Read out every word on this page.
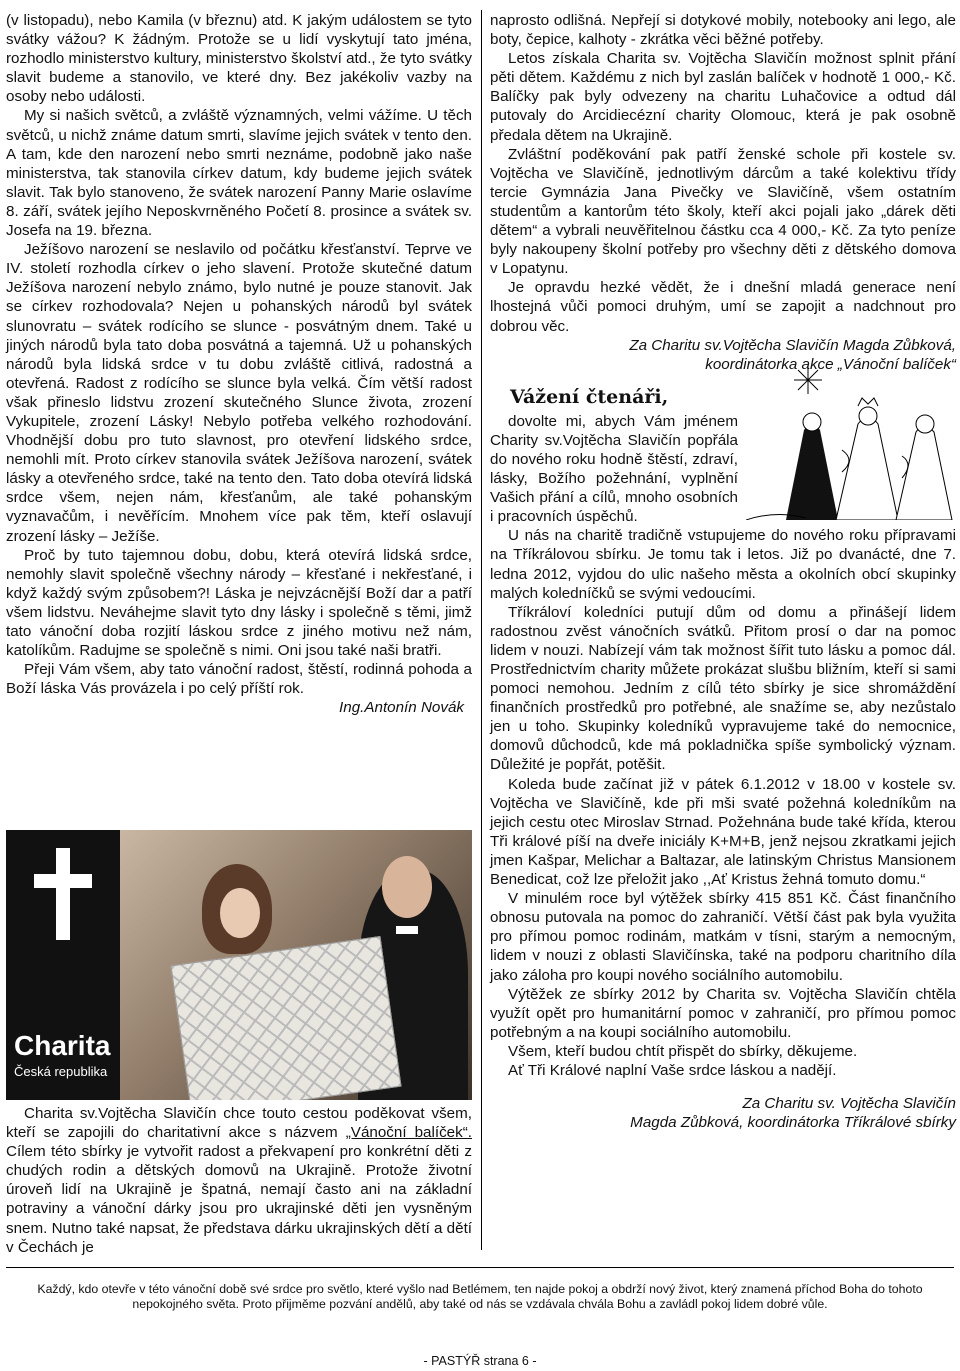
(v listopadu), nebo Kamila (v březnu) atd. K jakým událostem se tyto svátky vážou? K žádným. Protože se u lidí vyskytují tato jména, rozhodlo ministerstvo kultury, ministerstvo školství atd., že tyto svátky slavit budeme a stanovilo, ve které dny. Bez jakékoliv vazby na osoby nebo události.

My si našich světců, a zvláště významných, velmi vážíme. U těch světců, u nichž známe datum smrti, slavíme jejich svátek v tento den. A tam, kde den narození nebo smrti neznáme, podobně jako naše ministerstva, tak stanovila církev datum, kdy budeme jejich svátek slavit. Tak bylo stanoveno, že svátek narození Panny Marie oslavíme 8. září, svátek jejího Neposkvrněného Početí 8. prosince a svátek sv. Josefa na 19. března.

Ježíšovo narození se neslavilo od počátku křesťanství. Teprve ve IV. století rozhodla církev o jeho slavení. Protože skutečné datum Ježíšova narození nebylo známo, bylo nutné je pouze stanovit. Jak se církev rozhodovala? Nejen u pohanských národů byl svátek slunovratu – svátek rodícího se slunce - posvátným dnem. Také u jiných národů byla tato doba posvátná a tajemná. Už u pohanských národů byla lidská srdce v tu dobu zvláště citlivá, radostná a otevřená. Radost z rodícího se slunce byla velká. Čím větší radost však přineslo lidstvu zrození skutečného Slunce života, zrození Vykupitele, zrození Lásky! Nebylo potřeba velkého rozhodování. Vhodnější dobu pro tuto slavnost, pro otevření lidského srdce, nemohli mít. Proto církev stanovila svátek Ježíšova narození, svátek lásky a otevřeného srdce, také na tento den. Tato doba otevírá lidská srdce všem, nejen nám, křesťanům, ale také pohanským vyznavačům, i nevěřícím. Mnohem více pak těm, kteří oslavují zrození lásky – Ježíše.

Proč by tuto tajemnou dobu, dobu, která otevírá lidská srdce, nemohly slavit společně všechny národy – křesťané i nekřesťané, i když každý svým způsobem?! Láska je nejvzácnější Boží dar a patří všem lidstvu. Neváhejme slavit tyto dny lásky i společně s těmi, jimž tato vánoční doba rozjití láskou srdce z jiného motivu než nám, katolíkům. Radujme se společně s nimi. Oni jsou také naši bratři.

Přeji Vám všem, aby tato vánoční radost, štěstí, rodinná pohoda a Boží láska Vás provázela i po celý příští rok.

Ing.Antonín Novák

Charita
Česká republika

Charita sv.Vojtěcha Slavičín chce touto cestou poděkovat všem, kteří se zapojili do charitativní akce s názvem „Vánoční balíček“. Cílem této sbírky je vytvořit radost a překvapení pro konkrétní děti z chudých rodin a dětských domovů na Ukrajině. Protože životní úroveň lidí na Ukrajině je špatná, nemají často ani na základní potraviny a vánoční dárky jsou pro ukrajinské děti jen vysněným snem. Nutno také napsat, že představa dárku ukrajinských dětí a dětí v Čechách je

naprosto odlišná. Nepřejí si dotykové mobily, notebooky ani lego, ale boty, čepice, kalhoty - zkrátka věci běžné potřeby.

Letos získala Charita sv. Vojtěcha Slavičín možnost splnit přání pěti dětem. Každému z nich byl zaslán balíček v hodnotě 1 000,- Kč. Balíčky pak byly odvezeny na charitu Luhačovice a odtud dál putovaly do Arcidiecézní charity Olomouc, která je pak osobně předala dětem na Ukrajině.

Zvláštní poděkování pak patří ženské schole při kostele sv. Vojtěcha ve Slavičíně, jednotlivým dárcům a také kolektivu třídy tercie Gymnázia Jana Pivečky ve Slavičíně, všem ostatním studentům a kantorům této školy, kteří akci pojali jako „dárek děti dětem“ a vybrali neuvěřitelnou částku cca 4 000,- Kč. Za tyto peníze byly nakoupeny školní potřeby pro všechny děti z dětského domova v Lopatynu.

Je opravdu hezké vědět, že i dnešní mladá generace není lhostejná vůči pomoci druhým, umí se zapojit a nadchnout pro dobrou věc.

Za Charitu sv.Vojtěcha Slavičín Magda Zůbková,

koordinátorka akce „Vánoční balíček“

Vážení čtenáři,

dovolte mi, abych Vám jménem Charity sv.Vojtěcha Slavičín popřála do nového roku hodně štěstí, zdraví, lásky, Božího požehnání, vyplnění Vašich přání a cílů, mnoho osobních i pracovních úspěchů.

U nás na charitě tradičně vstupujeme do nového roku přípravami na Tříkrálovou sbírku. Je tomu tak i letos. Již po dvanácté, dne 7. ledna 2012, vyjdou do ulic našeho města a okolních obcí skupinky malých koledníčků se svými vedoucími.

Tříkráloví koledníci putují dům od domu a přinášejí lidem radostnou zvěst vánočních svátků. Přitom prosí o dar na pomoc lidem v nouzi. Nabízejí vám tak možnost šířit tuto lásku a pomoc dál. Prostřednictvím charity můžete prokázat slušbu bližním, kteří si sami pomoci nemohou. Jedním z cílů této sbírky je sice shromáždění finančních prostředků pro potřebné, ale snažíme se, aby nezůstalo jen u toho. Skupinky koledníků vypravujeme také do nemocnice, domovů důchodců, kde má pokladnička spíše symbolický význam. Důležité je popřát, potěšit.

Koleda bude začínat již v pátek 6.1.2012 v 18.00 v kostele sv. Vojtěcha ve Slavičíně, kde při mši svaté požehná koledníkům na jejich cestu otec Miroslav Strnad. Požehnána bude také křída, kterou Tři králové píší na dveře iniciály K+M+B, jenž nejsou zkratkami jejich jmen Kašpar, Melichar a Baltazar, ale latinským Christus Mansionem Benedicat, což lze přeložit jako ,,Ať Kristus žehná tomuto domu.“

V minulém roce byl výtěžek sbírky 415 851 Kč. Část finančního obnosu putovala na pomoc do zahraničí. Větší část pak byla využita pro přímou pomoc rodinám, matkám v tísni, starým a nemocným, lidem v nouzi z oblasti Slavičínska, také na podporu charitního díla jako záloha pro koupi nového sociálního automobilu.

Výtěžek ze sbírky 2012 by Charita sv. Vojtěcha Slavičín chtěla využít opět pro humanitární pomoc v zahraničí, pro přímou pomoc potřebným a na koupi sociálního automobilu.

Všem, kteří budou chtít přispět do sbírky, děkujeme.

Ať Tři Králové naplní Vaše srdce láskou a nadějí.

Za Charitu sv. Vojtěcha Slavičín

Magda Zůbková, koordinátorka Tříkrálové sbírky

Každý, kdo otevře v této vánoční době své srdce pro světlo, které vyšlo nad Betlémem, ten najde pokoj a obdrží nový život, který znamená příchod Boha do tohoto nepokojného světa. Proto přijměme pozvání andělů, aby také od nás se vzdávala chvála Bohu a zavládl pokoj lidem dobré vůle.
- PASTÝŘ strana 6 -
